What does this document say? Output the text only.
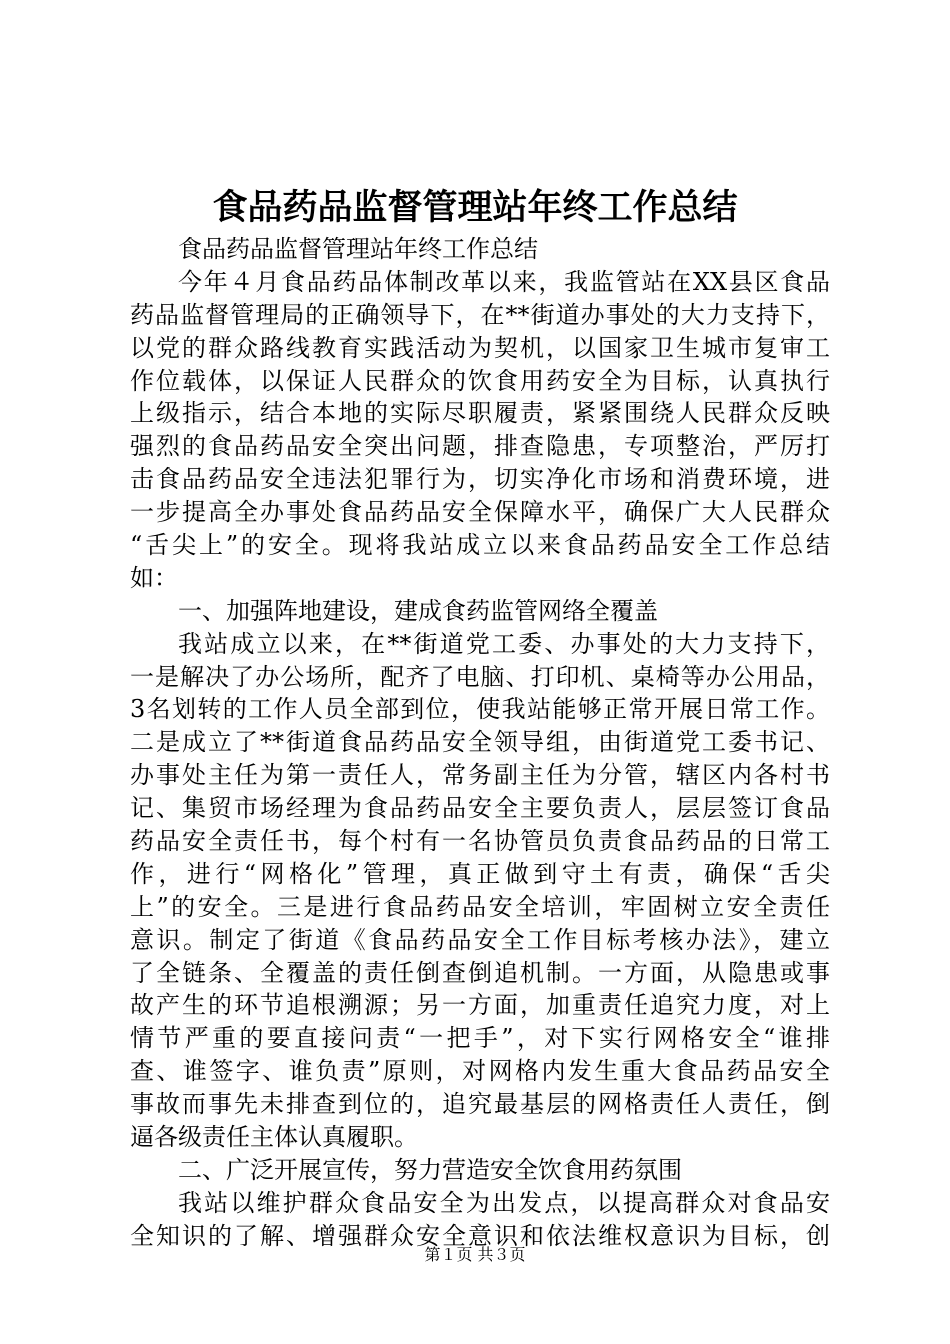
食品药品监督管理站年终工作总结
食品药品监督管理站年终工作总结
今年４月食品药品体制改革以来，我监管站在XX县区食品
药品监督管理局的正确领导下，在**街道办事处的大力支持下，
以党的群众路线教育实践活动为契机，以国家卫生城市复审工
作位载体，以保证人民群众的饮食用药安全为目标，认真执行
上级指示，结合本地的实际尽职履责，紧紧围绕人民群众反映
强烈的食品药品安全突出问题，排查隐患，专项整治，严厉打
击食品药品安全违法犯罪行为，切实净化市场和消费环境，进
一步提高全办事处食品药品安全保障水平，确保广大人民群众
“舌尖上”的安全。现将我站成立以来食品药品安全工作总结
如：
一、加强阵地建设，建成食药监管网络全覆盖
我站成立以来，在**街道党工委、办事处的大力支持下，
一是解决了办公场所，配齐了电脑、打印机、桌椅等办公用品，
3名划转的工作人员全部到位，使我站能够正常开展日常工作。
二是成立了**街道食品药品安全领导组，由街道党工委书记、
办事处主任为第一责任人，常务副主任为分管，辖区内各村书
记、集贸市场经理为食品药品安全主要负责人，层层签订食品
药品安全责任书，每个村有一名协管员负责食品药品的日常工
作，进行“网格化”管理，真正做到守土有责，确保“舌尖
上”的安全。三是进行食品药品安全培训，牢固树立安全责任
意识。制定了街道《食品药品安全工作目标考核办法》，建立
了全链条、全覆盖的责任倒查倒追机制。一方面，从隐患或事
故产生的环节追根溯源；另一方面，加重责任追究力度，对上
情节严重的要直接问责“一把手”，对下实行网格安全“谁排
查、谁签字、谁负责”原则，对网格内发生重大食品药品安全
事故而事先未排查到位的，追究最基层的网格责任人责任，倒
逼各级责任主体认真履职。
二、广泛开展宣传，努力营造安全饮食用药氛围
我站以维护群众食品安全为出发点，以提高群众对食品安
全知识的了解、增强群众安全意识和依法维权意识为目标，创
第１页 共３页
